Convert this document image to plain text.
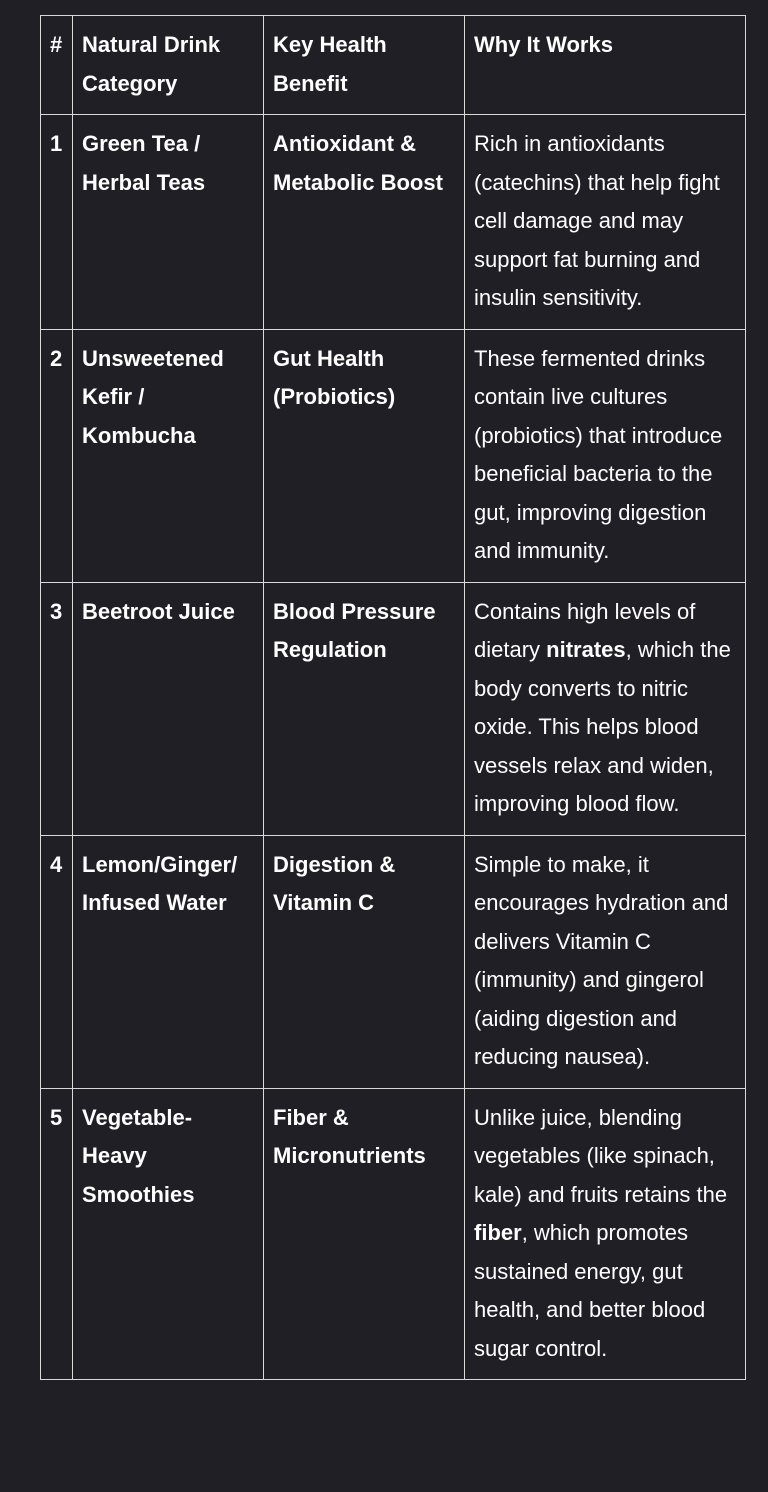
#	Natural Drink Category	Key Health Benefit	Why It Works
1	Green Tea / Herbal Teas	Antioxidant & Metabolic Boost	Rich in antioxidants (catechins) that help fight cell damage and may support fat burning and insulin sensitivity.
2	Unsweetened Kefir / Kombucha	Gut Health (Probiotics)	These fermented drinks contain live cultures (probiotics) that introduce beneficial bacteria to the gut, improving digestion and immunity.
3	Beetroot Juice	Blood Pressure Regulation	Contains high levels of dietary nitrates, which the body converts to nitric oxide. This helps blood vessels relax and widen, improving blood flow.
4	Lemon/Ginger/ Infused Water	Digestion & Vitamin C	Simple to make, it encourages hydration and delivers Vitamin C (immunity) and gingerol (aiding digestion and reducing nausea).
5	Vegetable-Heavy Smoothies	Fiber & Micronutrients	Unlike juice, blending vegetables (like spinach, kale) and fruits retains the fiber, which promotes sustained energy, gut health, and better blood sugar control.
